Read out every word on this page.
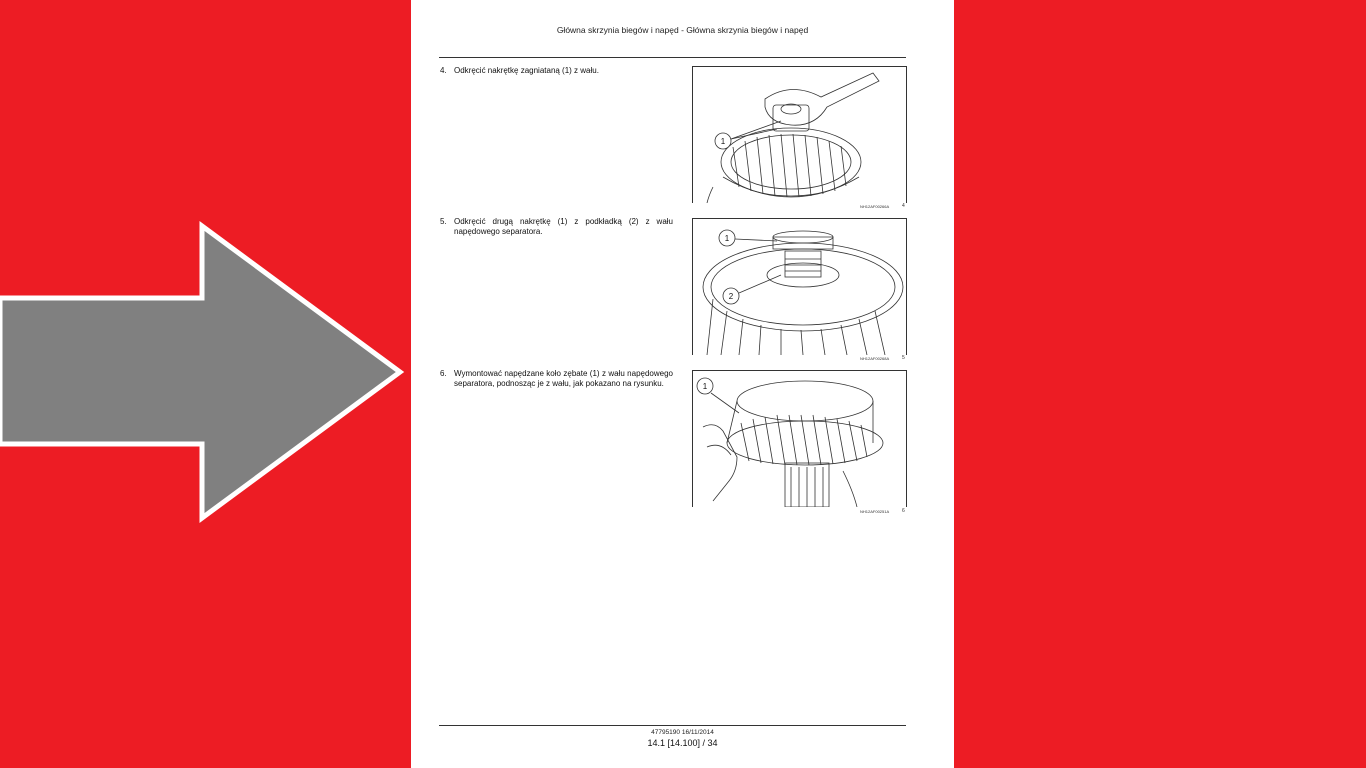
Główna skrzynia biegów i napęd - Główna skrzynia biegów i napęd
4. Odkręcić nakrętkę zagniataną (1) z wału.
1
NH12AF00266A	4
5. Odkręcić drugą nakrętkę (1) z podkładką (2) z wału napędowego separatora.
1
2
NH12AF00268A	5
6. Wymontować napędzane koło zębate (1) z wału napędowego separatora, podnosząc je z wału, jak pokazano na rysunku.	1
NH12AF00251A	6
47795190 16/11/2014
14.1 [14.100] / 34
